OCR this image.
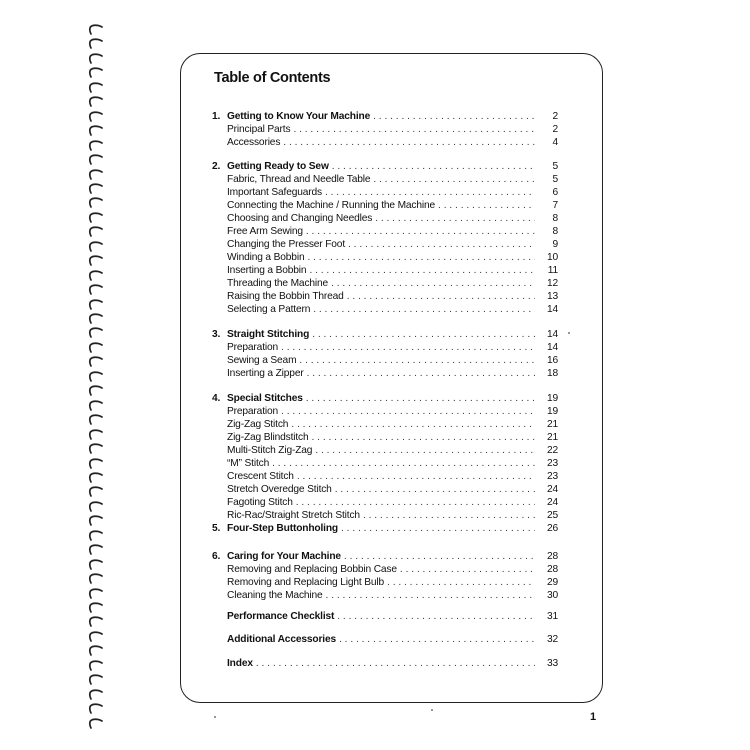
Table of Contents
1. Getting to Know Your Machine . . .	2
Principal Parts . . .	2
Accessories . . .	4
2. Getting Ready to Sew . . .	5
Fabric, Thread and Needle Table . . .	5
Important Safeguards . . .	6
Connecting the Machine / Running the Machine . . .	7
Choosing and Changing Needles . . .	8
Free Arm Sewing . . .	8
Changing the Presser Foot . . .	9
Winding a Bobbin . . .	10
Inserting a Bobbin . . .	11
Threading the Machine . . .	12
Raising the Bobbin Thread . . .	13
Selecting a Pattern . . .	14
3. Straight Stitching . . .	14
Preparation . . .	14
Sewing a Seam . . .	16
Inserting a Zipper . . .	18
4. Special Stitches . . .	19
Preparation . . .	19
Zig-Zag Stitch . . .	21
Zig-Zag Blindstitch . . .	21
Multi-Stitch Zig-Zag . . .	22
“M” Stitch . . .	23
Crescent Stitch . . .	23
Stretch Overedge Stitch . . .	24
Fagoting Stitch . . .	24
Ric-Rac/Straight Stretch Stitch . . .	25
5. Four-Step Buttonholing . . .	26
6. Caring for Your Machine . . .	28
Removing and Replacing Bobbin Case . . .	28
Removing and Replacing Light Bulb . . .	29
Cleaning the Machine . . .	30
Performance Checklist . . .	31
Additional Accessories . . .	32
Index . . .	33
1
